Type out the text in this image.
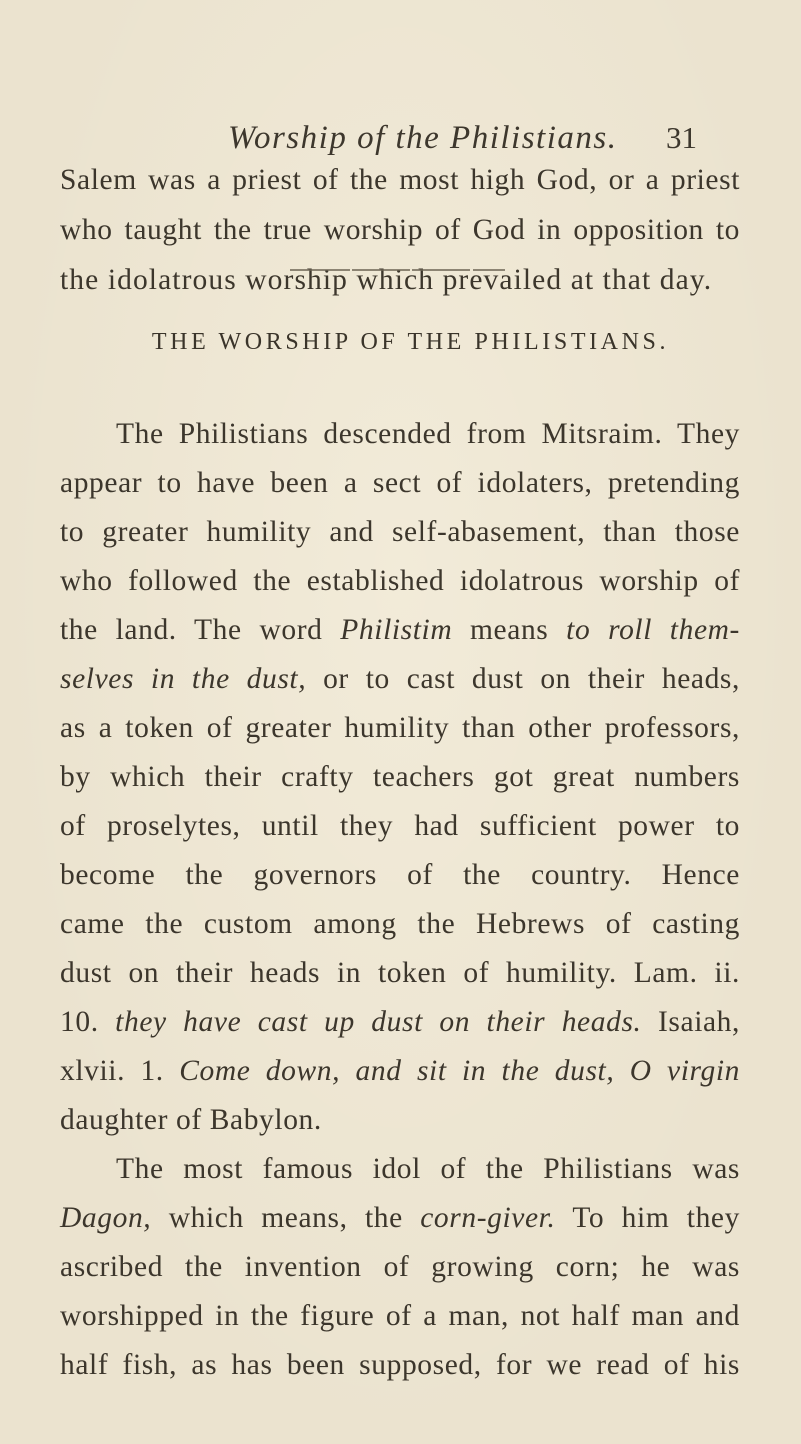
Worship of the Philistians. 31
Salem was a priest of the most high God, or a priest
who taught the true worship of God in opposition to
the idolatrous worship which prevailed at that day.
THE WORSHIP OF THE PHILISTIANS.
The Philistians descended from Mitsraim. They
appear to have been a sect of idolaters, pretending
to greater humility and self-abasement, than those
who followed the established idolatrous worship of
the land. The word Philistim means to roll them-
selves in the dust, or to cast dust on their heads,
as a token of greater humility than other professors,
by which their crafty teachers got great numbers
of proselytes, until they had sufficient power to
become the governors of the country. Hence
came the custom among the Hebrews of casting
dust on their heads in token of humility. Lam. ii.
10. they have cast up dust on their heads. Isaiah,
xlvii. 1. Come down, and sit in the dust, O virgin
daughter of Babylon.
The most famous idol of the Philistians was
Dagon, which means, the corn-giver. To him they
ascribed the invention of growing corn; he was
worshipped in the figure of a man, not half man and
half fish, as has been supposed, for we read of his
